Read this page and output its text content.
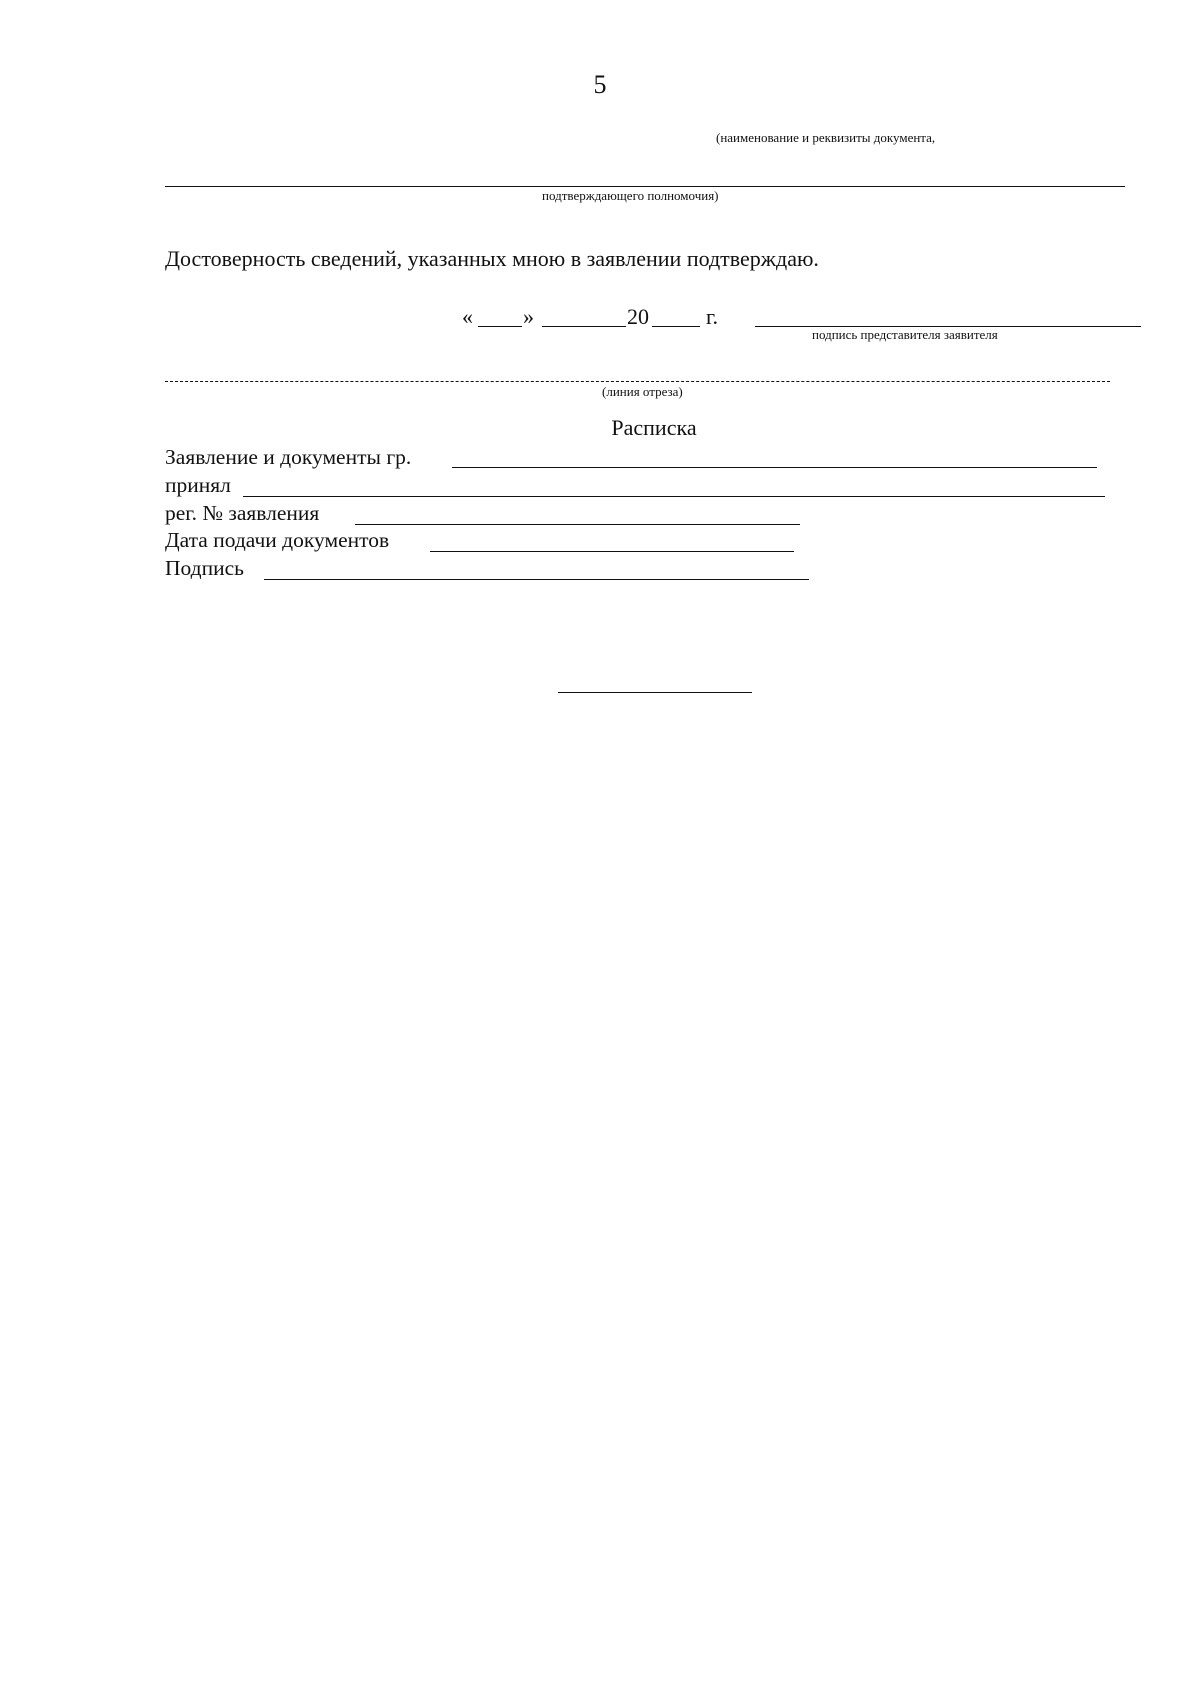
5
(наименование и реквизиты документа,
подтверждающего полномочия)
Достоверность сведений, указанных мною в заявлении подтверждаю.
« »	20	г.
подпись представителя заявителя
(линия отреза)
Расписка
Заявление и документы гр.
принял
рег. № заявления
Дата подачи документов
Подпись
